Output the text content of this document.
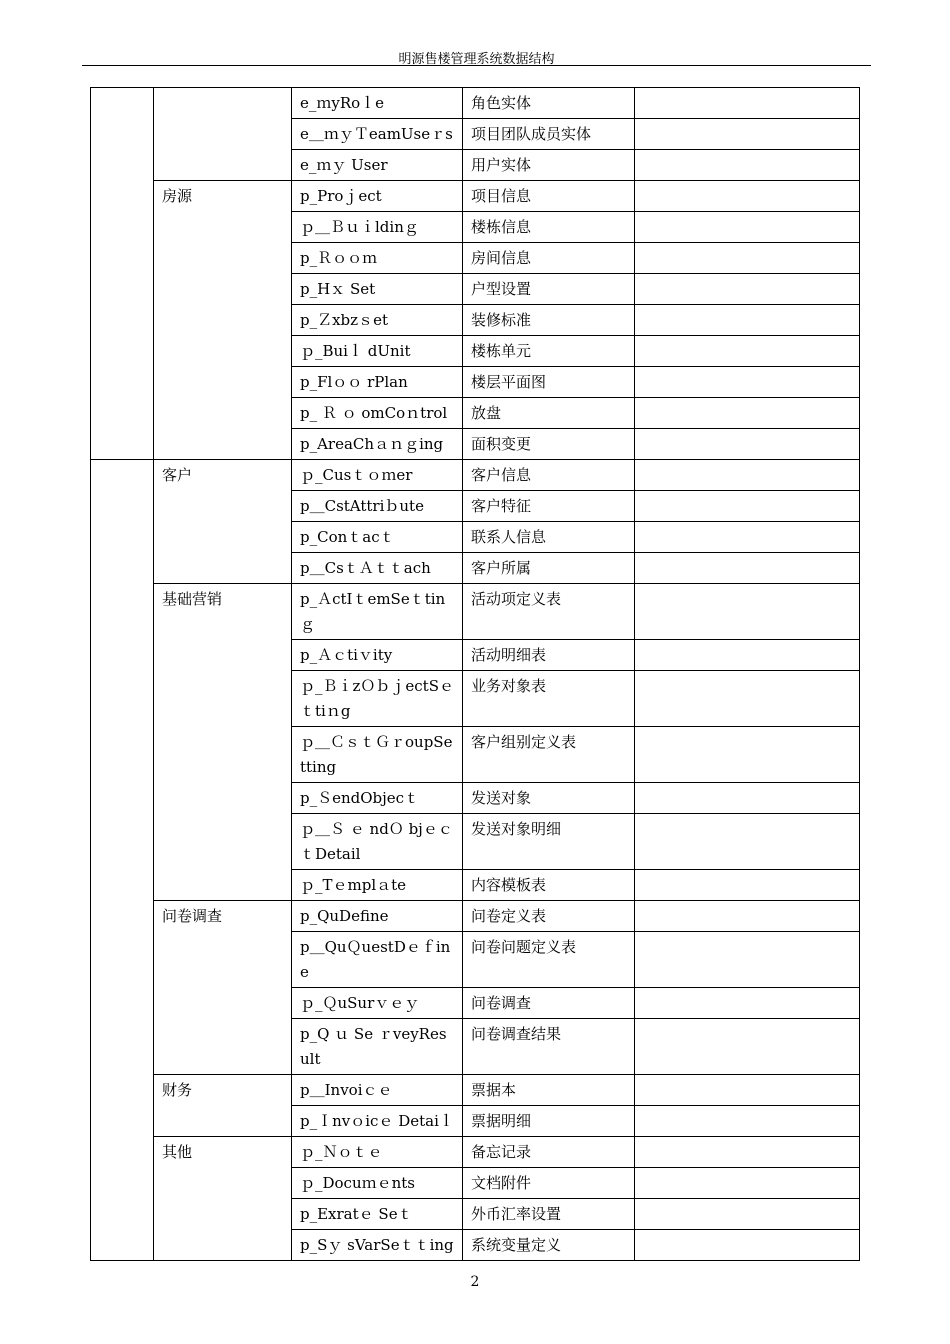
明源售楼管理系统数据结构
		e_ｍyRoｌe	角色实体	
		e＿ｍｙＴeamUseｒs	项目团队成员实体	
		e_ｍｙ User	用户实体	
	房源	p_Proｊect	项目信息	
		ｐ＿Ｂｕｉldinｇ	楼栋信息	
		p_Ｒｏｏｍ	房间信息	
		p_Hｘ Set	户型设置	
		p_Ｚxbzｓet	装修标准	
		ｐ_Buiｌ dUnit	楼栋单元	
		p_Flｏｏ rPlan	楼层平面图	
		p_ Ｒ ｏ omCoｎtrol	放盘	
		p_AreaChａｎｇing	面积变更	
	客户	ｐ_Cusｔｏｍer	客户信息	
		p＿CstAttriｂute	客户特征	
		p_Conｔacｔ	联系人信息	
		p＿CsｔＡｔｔach	客户所属	
	基础营销	p_ＡctIｔemSeｔtinｇ	活动项定义表	
		p_Ａｃtiｖity	活动明细表	
		ｐ_ＢｉzＯｂｊectSｅｔtiｎg	业务对象表	
		ｐ＿ＣｓｔＧｒoupSetting	客户组别定义表	
		p_ＳendObjecｔ	发送对象	
		ｐ＿Ｓ ｅ ndＯ bjｅｃｔDetail	发送对象明细	
		ｐ_Tｅmplａte	内容模板表	
	问卷调查	p_QuDefine	问卷定义表	
		p＿QuＱuestDｅｆine	问卷问题定义表	
		ｐ_ＱuSurｖｅｙ	问卷调查	
		p_Q ｕ Se ｒveyResult	问卷调查结果	
	财务	p＿Invoiｃｅ	票据本	
		p_Ｉnvｏicｅ Detaiｌ	票据明细	
	其他	ｐ_Ｎｏｔｅ	备忘记录	
		ｐ_Docuｍｅnts	文档附件	
		p_Exratｅ Seｔ	外币汇率设置	
		p_Sｙ sVarSeｔｔing	系统变量定义	
2
